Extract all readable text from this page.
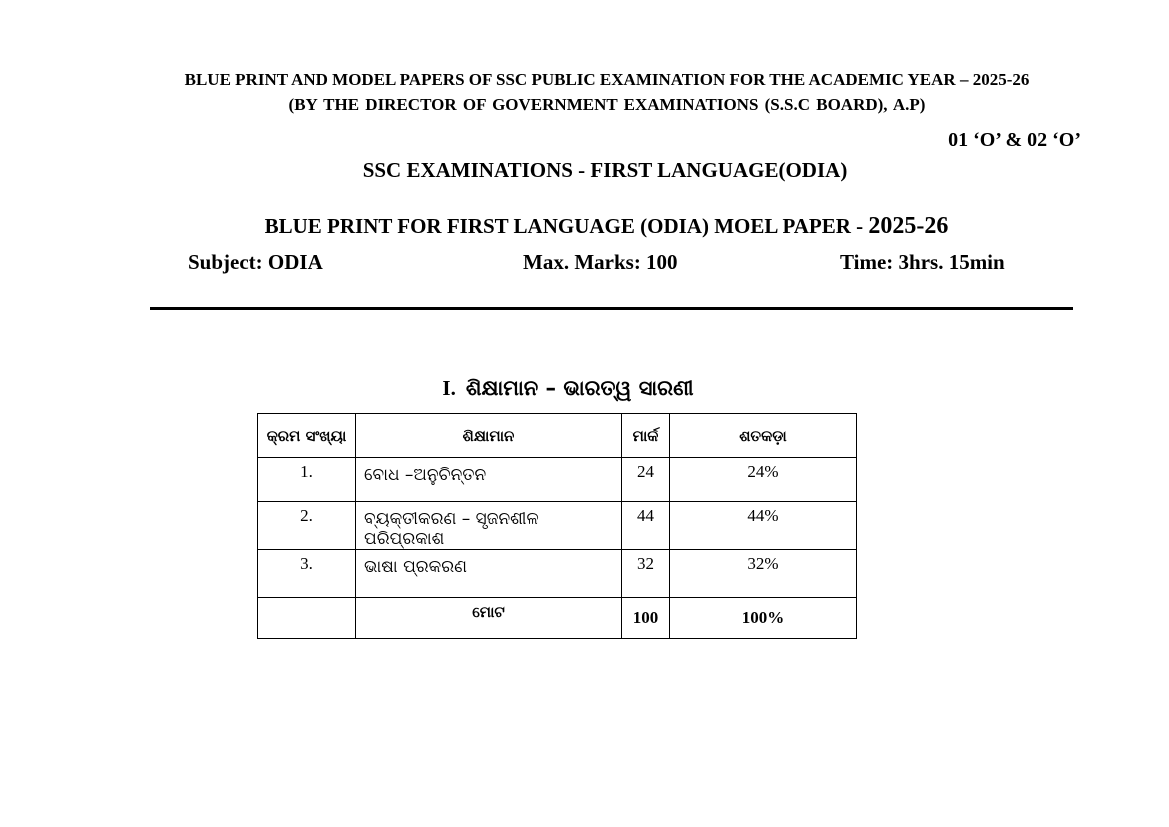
BLUE PRINT AND MODEL PAPERS OF SSC PUBLIC EXAMINATION FOR THE ACADEMIC YEAR – 2025-26
(BY THE DIRECTOR OF GOVERNMENT EXAMINATIONS (S.S.C BOARD), A.P)
01 ‘O’ & 02 ‘O’
SSC EXAMINATIONS - FIRST LANGUAGE(ODIA)
BLUE PRINT FOR FIRST LANGUAGE (ODIA) MOEL PAPER - 2025-26
Subject: ODIA	Max. Marks: 100	Time: 3hrs. 15min
I. ଶିକ୍ଷାମାନ – ଭାରତ୍ୱ ସାରଣୀ
କ୍ରମ ସଂଖ୍ୟା	ଶିକ୍ଷାମାନ	ମାର୍କ	ଶତକଡ଼ା
1.	ବୋଧ –ଅନୁଚିନ୍ତନ	24	24%
2.	ବ୍ୟକ୍ତୀକରଣ – ସୃଜନଶୀଳ ପରିପ୍ରକାଶ	44	44%
3.	ଭାଷା ପ୍ରକରଣ	32	32%
	ମୋଟ	100	100%
